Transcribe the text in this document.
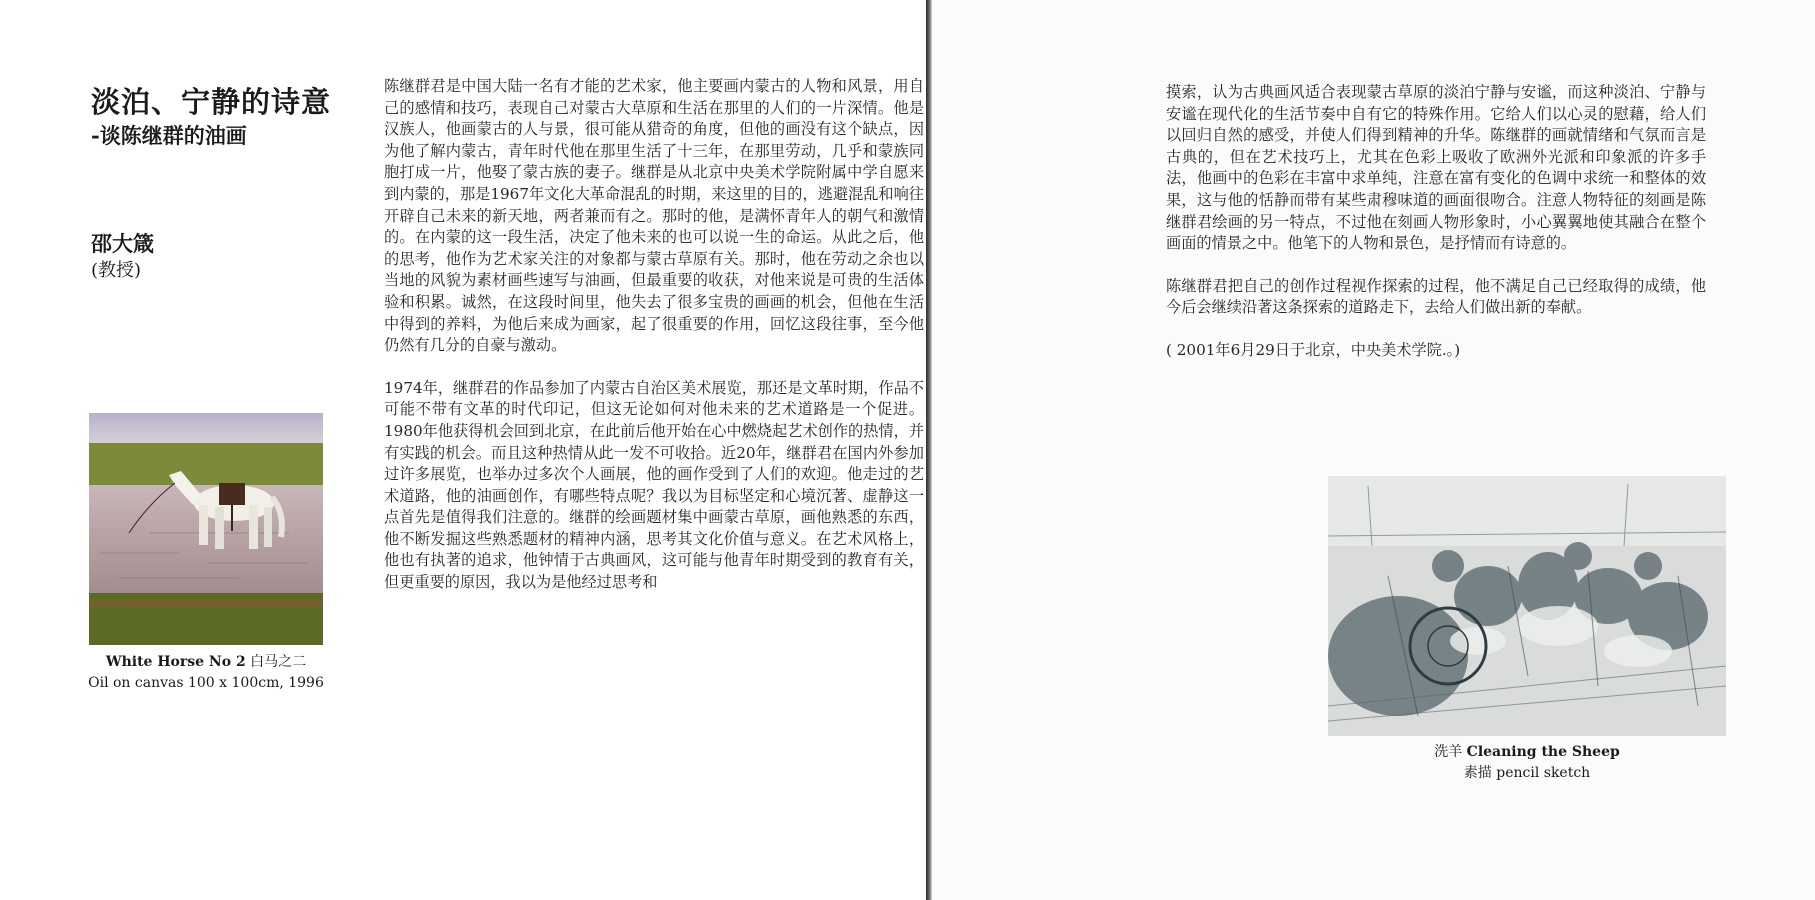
淡泊、宁静的诗意
-谈陈继群的油画
邵大箴
(教授)
White Horse No 2 白马之二
Oil on canvas 100 x 100cm, 1996

陈继群君是中国大陆一名有才能的艺术家，他主要画内蒙古的人物和风景，用自己的感情和技巧，表现自己对蒙古大草原和生活在那里的人们的一片深情。他是汉族人，他画蒙古的人与景，很可能从猎奇的角度，但他的画没有这个缺点，因为他了解内蒙古，青年时代他在那里生活了十三年，在那里劳动，几乎和蒙族同胞打成一片，他娶了蒙古族的妻子。继群是从北京中央美术学院附属中学自愿来到内蒙的，那是1967年文化大革命混乱的时期，来这里的目的，逃避混乱和响往开辟自己未来的新天地，两者兼而有之。那时的他，是满怀青年人的朝气和激情的。在内蒙的这一段生活，决定了他未来的也可以说一生的命运。从此之后，他的思考，他作为艺术家关注的对象都与蒙古草原有关。那时，他在劳动之余也以当地的风貌为素材画些速写与油画，但最重要的收获，对他来说是可贵的生活体验和积累。诚然，在这段时间里，他失去了很多宝贵的画画的机会，但他在生活中得到的养料，为他后来成为画家，起了很重要的作用，回忆这段往事，至今他仍然有几分的自豪与激动。

1974年，继群君的作品参加了内蒙古自治区美术展览，那还是文革时期，作品不可能不带有文革的时代印记，但这无论如何对他未来的艺术道路是一个促进。1980年他获得机会回到北京，在此前后他开始在心中燃烧起艺术创作的热情，并有实践的机会。而且这种热情从此一发不可收拾。近20年，继群君在国内外参加过许多展览，也举办过多次个人画展，他的画作受到了人们的欢迎。他走过的艺术道路，他的油画创作，有哪些特点呢？我以为目标坚定和心境沉著、虚静这一点首先是值得我们注意的。继群的绘画题材集中画蒙古草原，画他熟悉的东西，他不断发掘这些熟悉题材的精神内涵，思考其文化价值与意义。在艺术风格上，他也有执著的追求，他钟情于古典画风，这可能与他青年时期受到的教育有关，但更重要的原因，我以为是他经过思考和

摸索，认为古典画风适合表现蒙古草原的淡泊宁静与安谧，而这种淡泊、宁静与安谧在现代化的生活节奏中自有它的特殊作用。它给人们以心灵的慰藉，给人们以回归自然的感受，并使人们得到精神的升华。陈继群的画就情绪和气氛而言是古典的，但在艺术技巧上，尤其在色彩上吸收了欧洲外光派和印象派的许多手法，他画中的色彩在丰富中求单纯，注意在富有变化的色调中求统一和整体的效果，这与他的恬静而带有某些肃穆味道的画面很吻合。注意人物特征的刻画是陈继群君绘画的另一特点，不过他在刻画人物形象时，小心翼翼地使其融合在整个画面的情景之中。他笔下的人物和景色，是抒情而有诗意的。

陈继群君把自己的创作过程视作探索的过程，他不满足自己已经取得的成绩，他今后会继续沿著这条探索的道路走下，去给人们做出新的奉献。

( 2001年6月29日于北京，中央美术学院.。)

洗羊 Cleaning the Sheep
素描 pencil sketch
